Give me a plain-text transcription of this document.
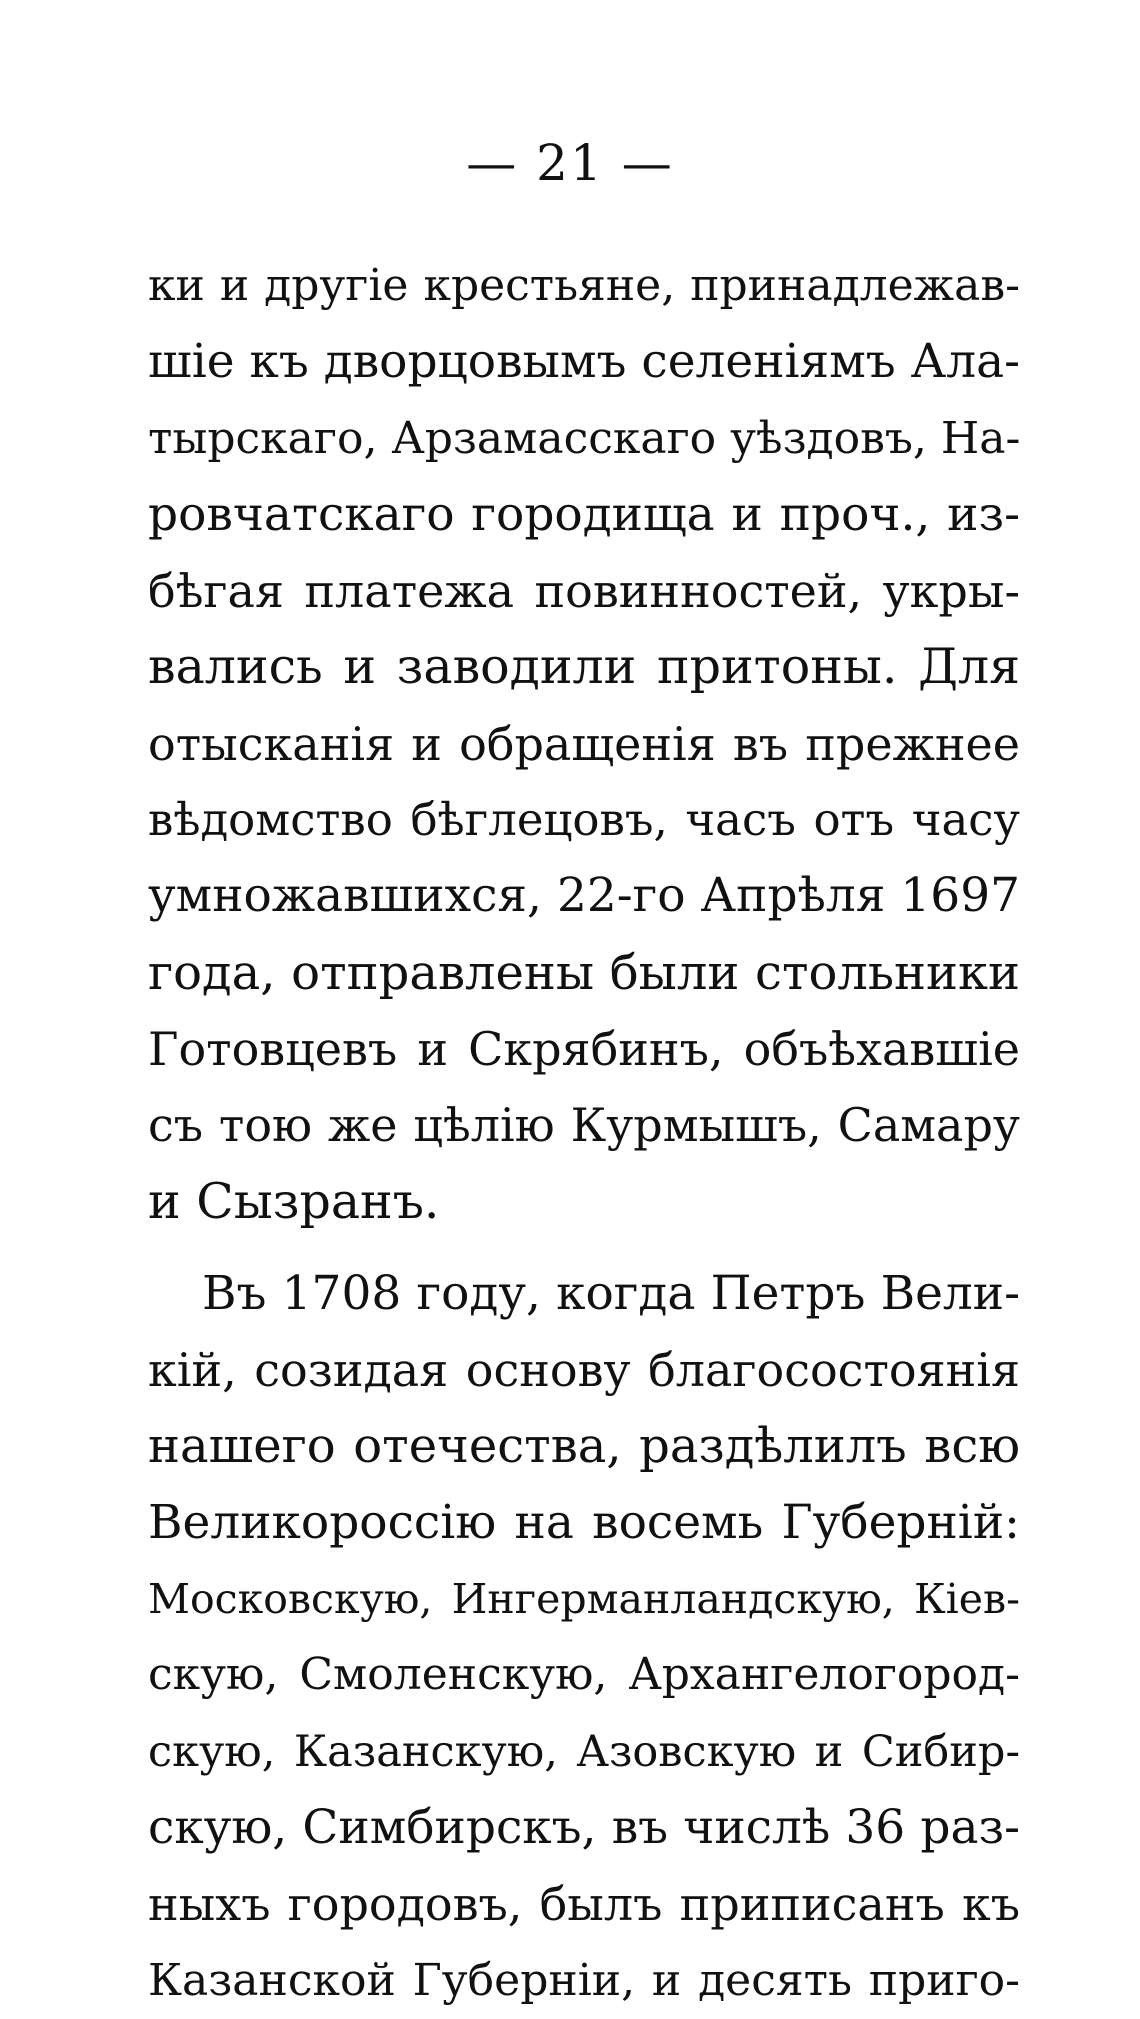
— 21 —
ки и другіе крестьяне, принадлежав-
шіе къ дворцовымъ селеніямъ Ала-
тырскаго, Арзамасскаго уѣздовъ, На-
ровчатскаго городища и проч., из-
бѣгая платежа повинностей, укры-
вались и заводили притоны. Для
отысканія и обращенія въ прежнее
вѣдомство бѣглецовъ, часъ отъ часу
умножавшихся, 22-го Апрѣля 1697
года, отправлены были стольники
Готовцевъ и Скрябинъ, объѣхавшіе
съ тою же цѣлію Курмышъ, Самару
и Сызранъ.
Въ 1708 году, когда Петръ Вели-
кій, созидая основу благосостоянія
нашего отечества, раздѣлилъ всю
Великороссію на восемь Губерній:
Московскую, Ингерманландскую, Кіев-
скую, Смоленскую, Архангелогород-
скую, Казанскую, Азовскую и Сибир-
скую, Симбирскъ, въ числѣ 36 раз-
ныхъ городовъ, былъ приписанъ къ
Казанской Губерніи, и десять приго-
